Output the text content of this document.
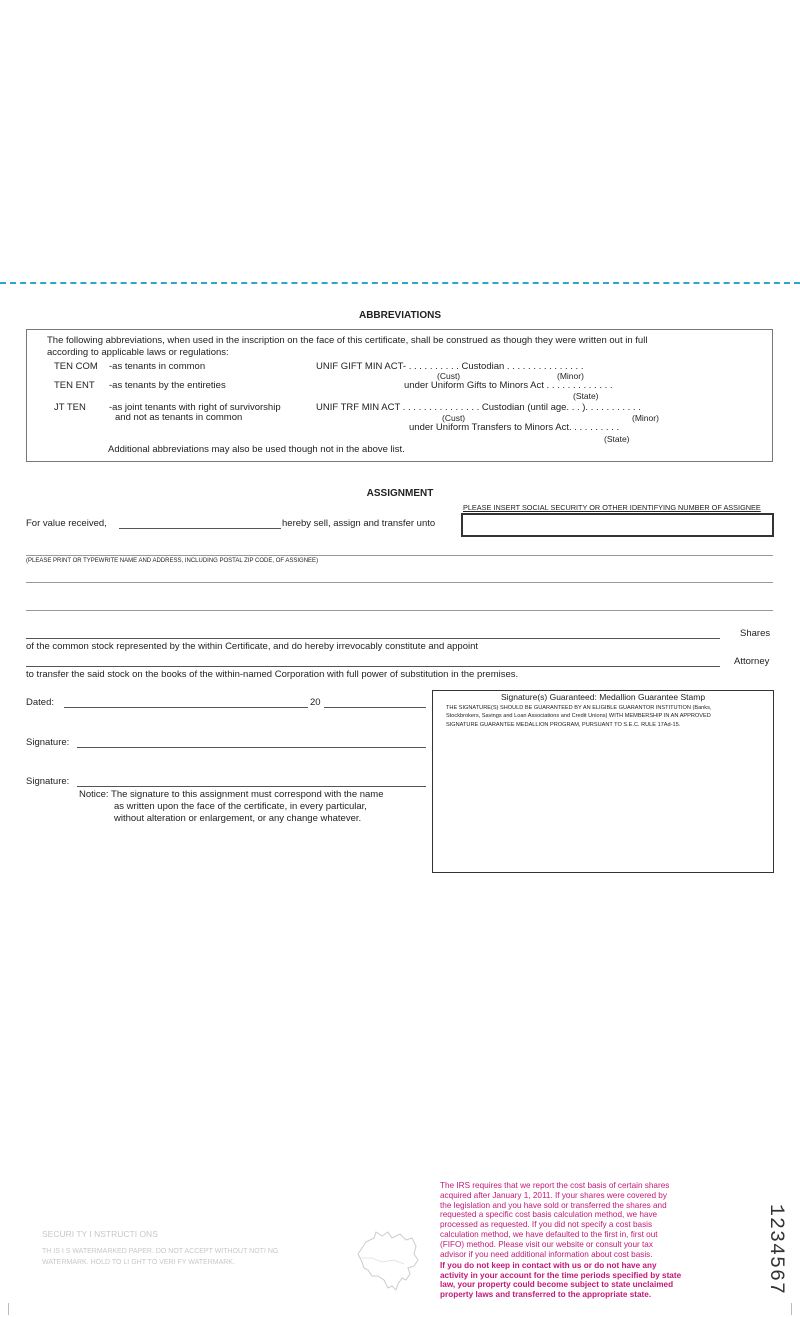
ABBREVIATIONS
The following abbreviations, when used in the inscription on the face of this certificate, shall be construed as though they were written out in full
according to applicable laws or regulations:
TEN COM -as tenants in common	UNIF GIFT MIN ACT- . . . . . . . . . . Custodian . . . . . . . . . . . . . . .
(Cust)	(Minor)
TEN ENT -as tenants by the entireties	under Uniform Gifts to Minors Act . . . . . . . . . . . . .
(State)
JT TEN -as joint tenants with right of survivorship
and not as tenants in common
UNIF TRF MIN ACT . . . . . . . . . . . . . . . Custodian (until age. . . ). . . . . . . . . . .
(Cust)	(Minor)
under Uniform Transfers to Minors Act. . . . . . . . . .
(State)
Additional abbreviations may also be used though not in the above list.
ASSIGNMENT
PLEASE INSERT SOCIAL SECURITY OR OTHER IDENTIFYING NUMBER OF ASSIGNEE
For value received,	hereby sell, assign and transfer unto
(PLEASE PRINT OR TYPEWRITE NAME AND ADDRESS, INCLUDING POSTAL ZIP CODE, OF ASSIGNEE)
Shares
of the common stock represented by the within Certificate, and do hereby irrevocably constitute and appoint
Attorney
to transfer the said stock on the books of the within-named Corporation with full power of substitution in the premises.
Dated:	20
Signature:
Signature:
Notice: The signature to this assignment must correspond with the name
as written upon the face of the certificate, in every particular,
without alteration or enlargement, or any change whatever.
Signature(s) Guaranteed: Medallion Guarantee Stamp
THE SIGNATURE(S) SHOULD BE GUARANTEED BY AN ELIGIBLE GUARANTOR INSTITUTION (Banks,
Stockbrokers, Savings and Loan Associations and Credit Unions) WITH MEMBERSHIP IN AN APPROVED
SIGNATURE GUARANTEE MEDALLION PROGRAM, PURSUANT TO S.E.C. RULE 17Ad-15.
SECURI TY I NSTRUCTI ONS
TH IS I S WATERMARKED PAPER. DO NOT ACCEPT WITHOUT NOTI NG
WATERMARK. HOLD TO LI GHT TO VERI FY WATERMARK.
The IRS requires that we report the cost basis of certain shares
acquired after January 1, 2011. If your shares were covered by
the legislation and you have sold or transferred the shares and
requested a specific cost basis calculation method, we have
processed as requested. If you did not specify a cost basis
calculation method, we have defaulted to the first in, first out
(FIFO) method. Please visit our website or consult your tax
advisor if you need additional information about cost basis.
If you do not keep in contact with us or do not have any
activity in your account for the time periods specified by state
law, your property could become subject to state unclaimed
property laws and transferred to the appropriate state.	1234567
